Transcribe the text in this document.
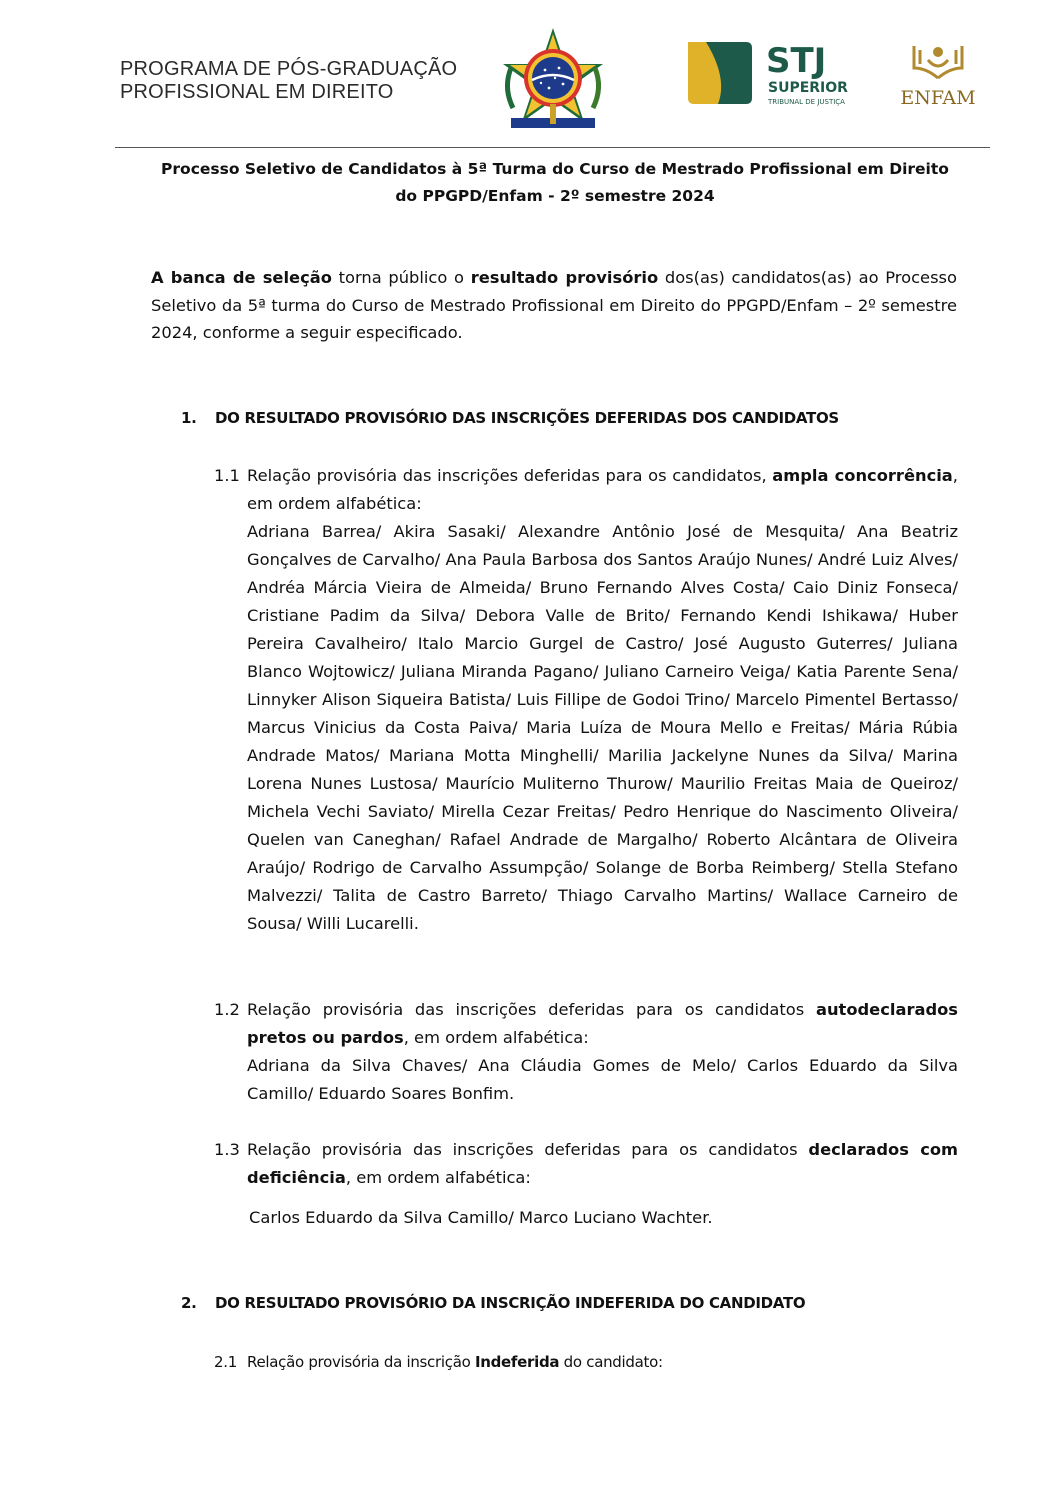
PROGRAMA DE PÓS-GRADUAÇÃO
PROFISSIONAL EM DIREITO
STJ
SUPERIOR
TRIBUNAL DE JUSTIÇA	ENFAM
Processo Seletivo de Candidatos à 5ª Turma do Curso de Mestrado Profissional em Direito
do PPGPD/Enfam - 2º semestre 2024
A banca de seleção torna público o resultado provisório dos(as) candidatos(as) ao Processo Seletivo da 5ª turma do Curso de Mestrado Profissional em Direito do PPGPD/Enfam – 2º semestre 2024, conforme a seguir especificado.
1. DO RESULTADO PROVISÓRIO DAS INSCRIÇÕES DEFERIDAS DOS CANDIDATOS
1.1 Relação provisória das inscrições deferidas para os candidatos, ampla concorrência, em ordem alfabética:
Adriana Barrea/ Akira Sasaki/ Alexandre Antônio José de Mesquita/ Ana Beatriz Gonçalves de Carvalho/ Ana Paula Barbosa dos Santos Araújo Nunes/ André Luiz Alves/ Andréa Márcia Vieira de Almeida/ Bruno Fernando Alves Costa/ Caio Diniz Fonseca/ Cristiane Padim da Silva/ Debora Valle de Brito/ Fernando Kendi Ishikawa/ Huber Pereira Cavalheiro/ Italo Marcio Gurgel de Castro/ José Augusto Guterres/ Juliana Blanco Wojtowicz/ Juliana Miranda Pagano/ Juliano Carneiro Veiga/ Katia Parente Sena/ Linnyker Alison Siqueira Batista/ Luis Fillipe de Godoi Trino/ Marcelo Pimentel Bertasso/ Marcus Vinicius da Costa Paiva/ Maria Luíza de Moura Mello e Freitas/ Mária Rúbia Andrade Matos/ Mariana Motta Minghelli/ Marilia Jackelyne Nunes da Silva/ Marina Lorena Nunes Lustosa/ Maurício Muliterno Thurow/ Maurilio Freitas Maia de Queiroz/ Michela Vechi Saviato/ Mirella Cezar Freitas/ Pedro Henrique do Nascimento Oliveira/ Quelen van Caneghan/ Rafael Andrade de Margalho/ Roberto Alcântara de Oliveira Araújo/ Rodrigo de Carvalho Assumpção/ Solange de Borba Reimberg/ Stella Stefano Malvezzi/ Talita de Castro Barreto/ Thiago Carvalho Martins/ Wallace Carneiro de Sousa/ Willi Lucarelli.
1.2 Relação provisória das inscrições deferidas para os candidatos autodeclarados pretos ou pardos, em ordem alfabética:
Adriana da Silva Chaves/ Ana Cláudia Gomes de Melo/ Carlos Eduardo da Silva Camillo/ Eduardo Soares Bonfim.
1.3 Relação provisória das inscrições deferidas para os candidatos declarados com deficiência, em ordem alfabética:
Carlos Eduardo da Silva Camillo/ Marco Luciano Wachter.
2. DO RESULTADO PROVISÓRIO DA INSCRIÇÃO INDEFERIDA DO CANDIDATO
2.1 Relação provisória da inscrição Indeferida do candidato:
